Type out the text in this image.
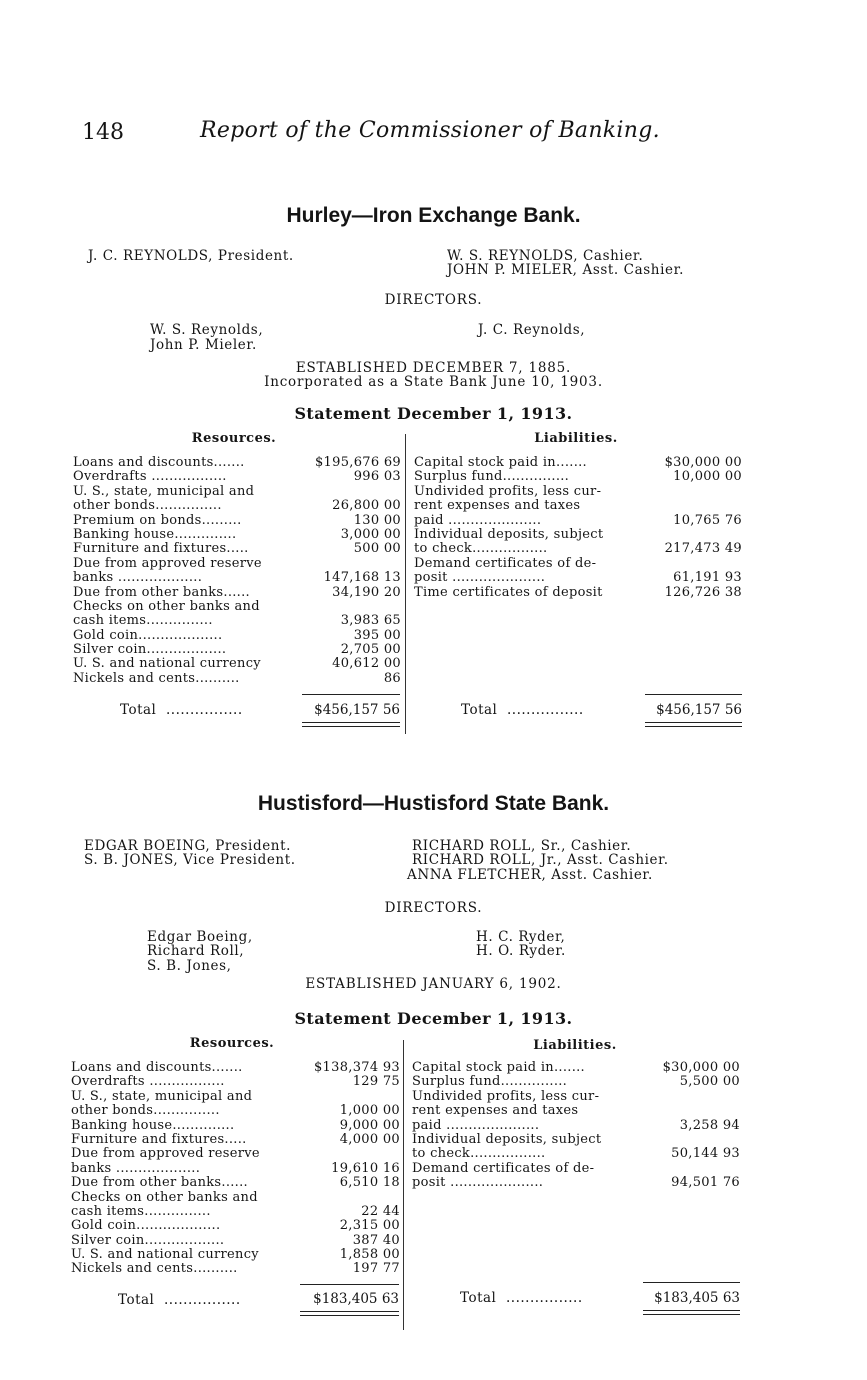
148	Report of the Commissioner of Banking.
Hurley—Iron Exchange Bank.
J. C. REYNOLDS, President.	W. S. REYNOLDS, Cashier.
JOHN P. MIELER, Asst. Cashier.
DIRECTORS.
W. S. Reynolds,
John P. Mieler.
J. C. Reynolds,
ESTABLISHED DECEMBER 7, 1885.
Incorporated as a State Bank June 10, 1903.
Statement December 1, 1913.
Resources.	Liabilities.
Loans and discounts.......	$195,676 69
Overdrafts .................	996 03
U. S., state, municipal and
other bonds...............	26,800 00
Premium on bonds.........	130 00
Banking house..............	3,000 00
Furniture and fixtures.....	500 00
Due from approved reserve
banks ...................	147,168 13
Due from other banks......	34,190 20
Checks on other banks and
cash items...............	3,983 65
Gold coin...................	395 00
Silver coin..................	2,705 00
U. S. and national currency	40,612 00
Nickels and cents..........	86
Capital stock paid in.......	$30,000 00
Surplus fund...............	10,000 00
Undivided profits, less cur-
rent expenses and taxes
paid .....................	10,765 76
Individual deposits, subject
to check.................	217,473 49
Demand certificates of de-
posit .....................	61,191 93
Time certificates of deposit	126,726 38
Total ................	$456,157 56	Total ................	$456,157 56
Hustisford—Hustisford State Bank.
EDGAR BOEING, President.
S. B. JONES, Vice President.
RICHARD ROLL, Sr., Cashier.
RICHARD ROLL, Jr., Asst. Cashier.
ANNA FLETCHER, Asst. Cashier.
DIRECTORS.
Edgar Boeing,
Richard Roll,
S. B. Jones,
H. C. Ryder,
H. O. Ryder.
ESTABLISHED JANUARY 6, 1902.
Statement December 1, 1913.
Resources.	Liabilities.
Loans and discounts.......	$138,374 93
Overdrafts .................	129 75
U. S., state, municipal and
other bonds...............	1,000 00
Banking house..............	9,000 00
Furniture and fixtures.....	4,000 00
Due from approved reserve
banks ...................	19,610 16
Due from other banks......	6,510 18
Checks on other banks and
cash items...............	22 44
Gold coin...................	2,315 00
Silver coin..................	387 40
U. S. and national currency	1,858 00
Nickels and cents..........	197 77
Capital stock paid in.......	$30,000 00
Surplus fund...............	5,500 00
Undivided profits, less cur-
rent expenses and taxes
paid .....................	3,258 94
Individual deposits, subject
to check.................	50,144 93
Demand certificates of de-
posit .....................	94,501 76
Total ................	$183,405 63	Total ................	$183,405 63
